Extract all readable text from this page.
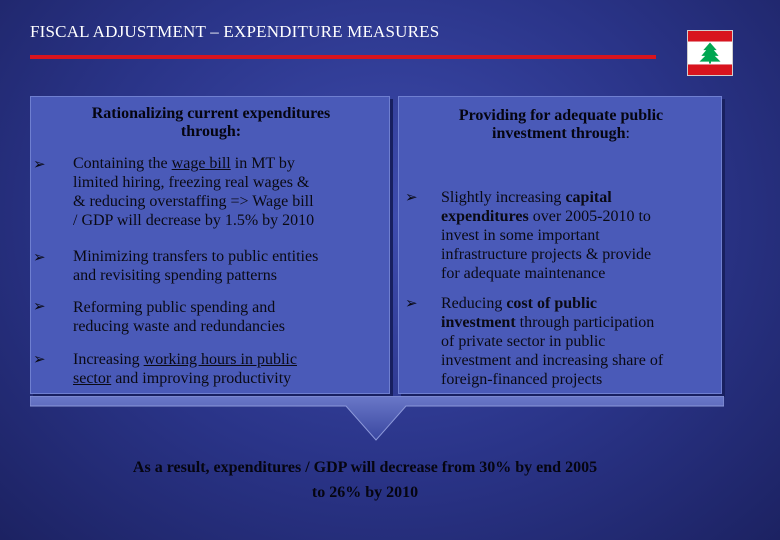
FISCAL ADJUSTMENT – EXPENDITURE MEASURES
Rationalizing current expenditures
through:
➢ Containing the wage bill in MT by
limited hiring, freezing real wages &
& reducing overstaffing => Wage bill
/ GDP will decrease by 1.5% by 2010
➢ Minimizing transfers to public entities
and revisiting spending patterns
➢ Reforming public spending and
reducing waste and redundancies
➢ Increasing working hours in public
sector and improving productivity
Providing for adequate public
investment through:
➢ Slightly increasing capital
expenditures over 2005-2010 to
invest in some important
infrastructure projects & provide
for adequate maintenance
➢ Reducing cost of public
investment through participation
of private sector in public
investment and increasing share of
foreign-financed projects
As a result, expenditures / GDP will decrease from 30% by end 2005
to 26% by 2010
